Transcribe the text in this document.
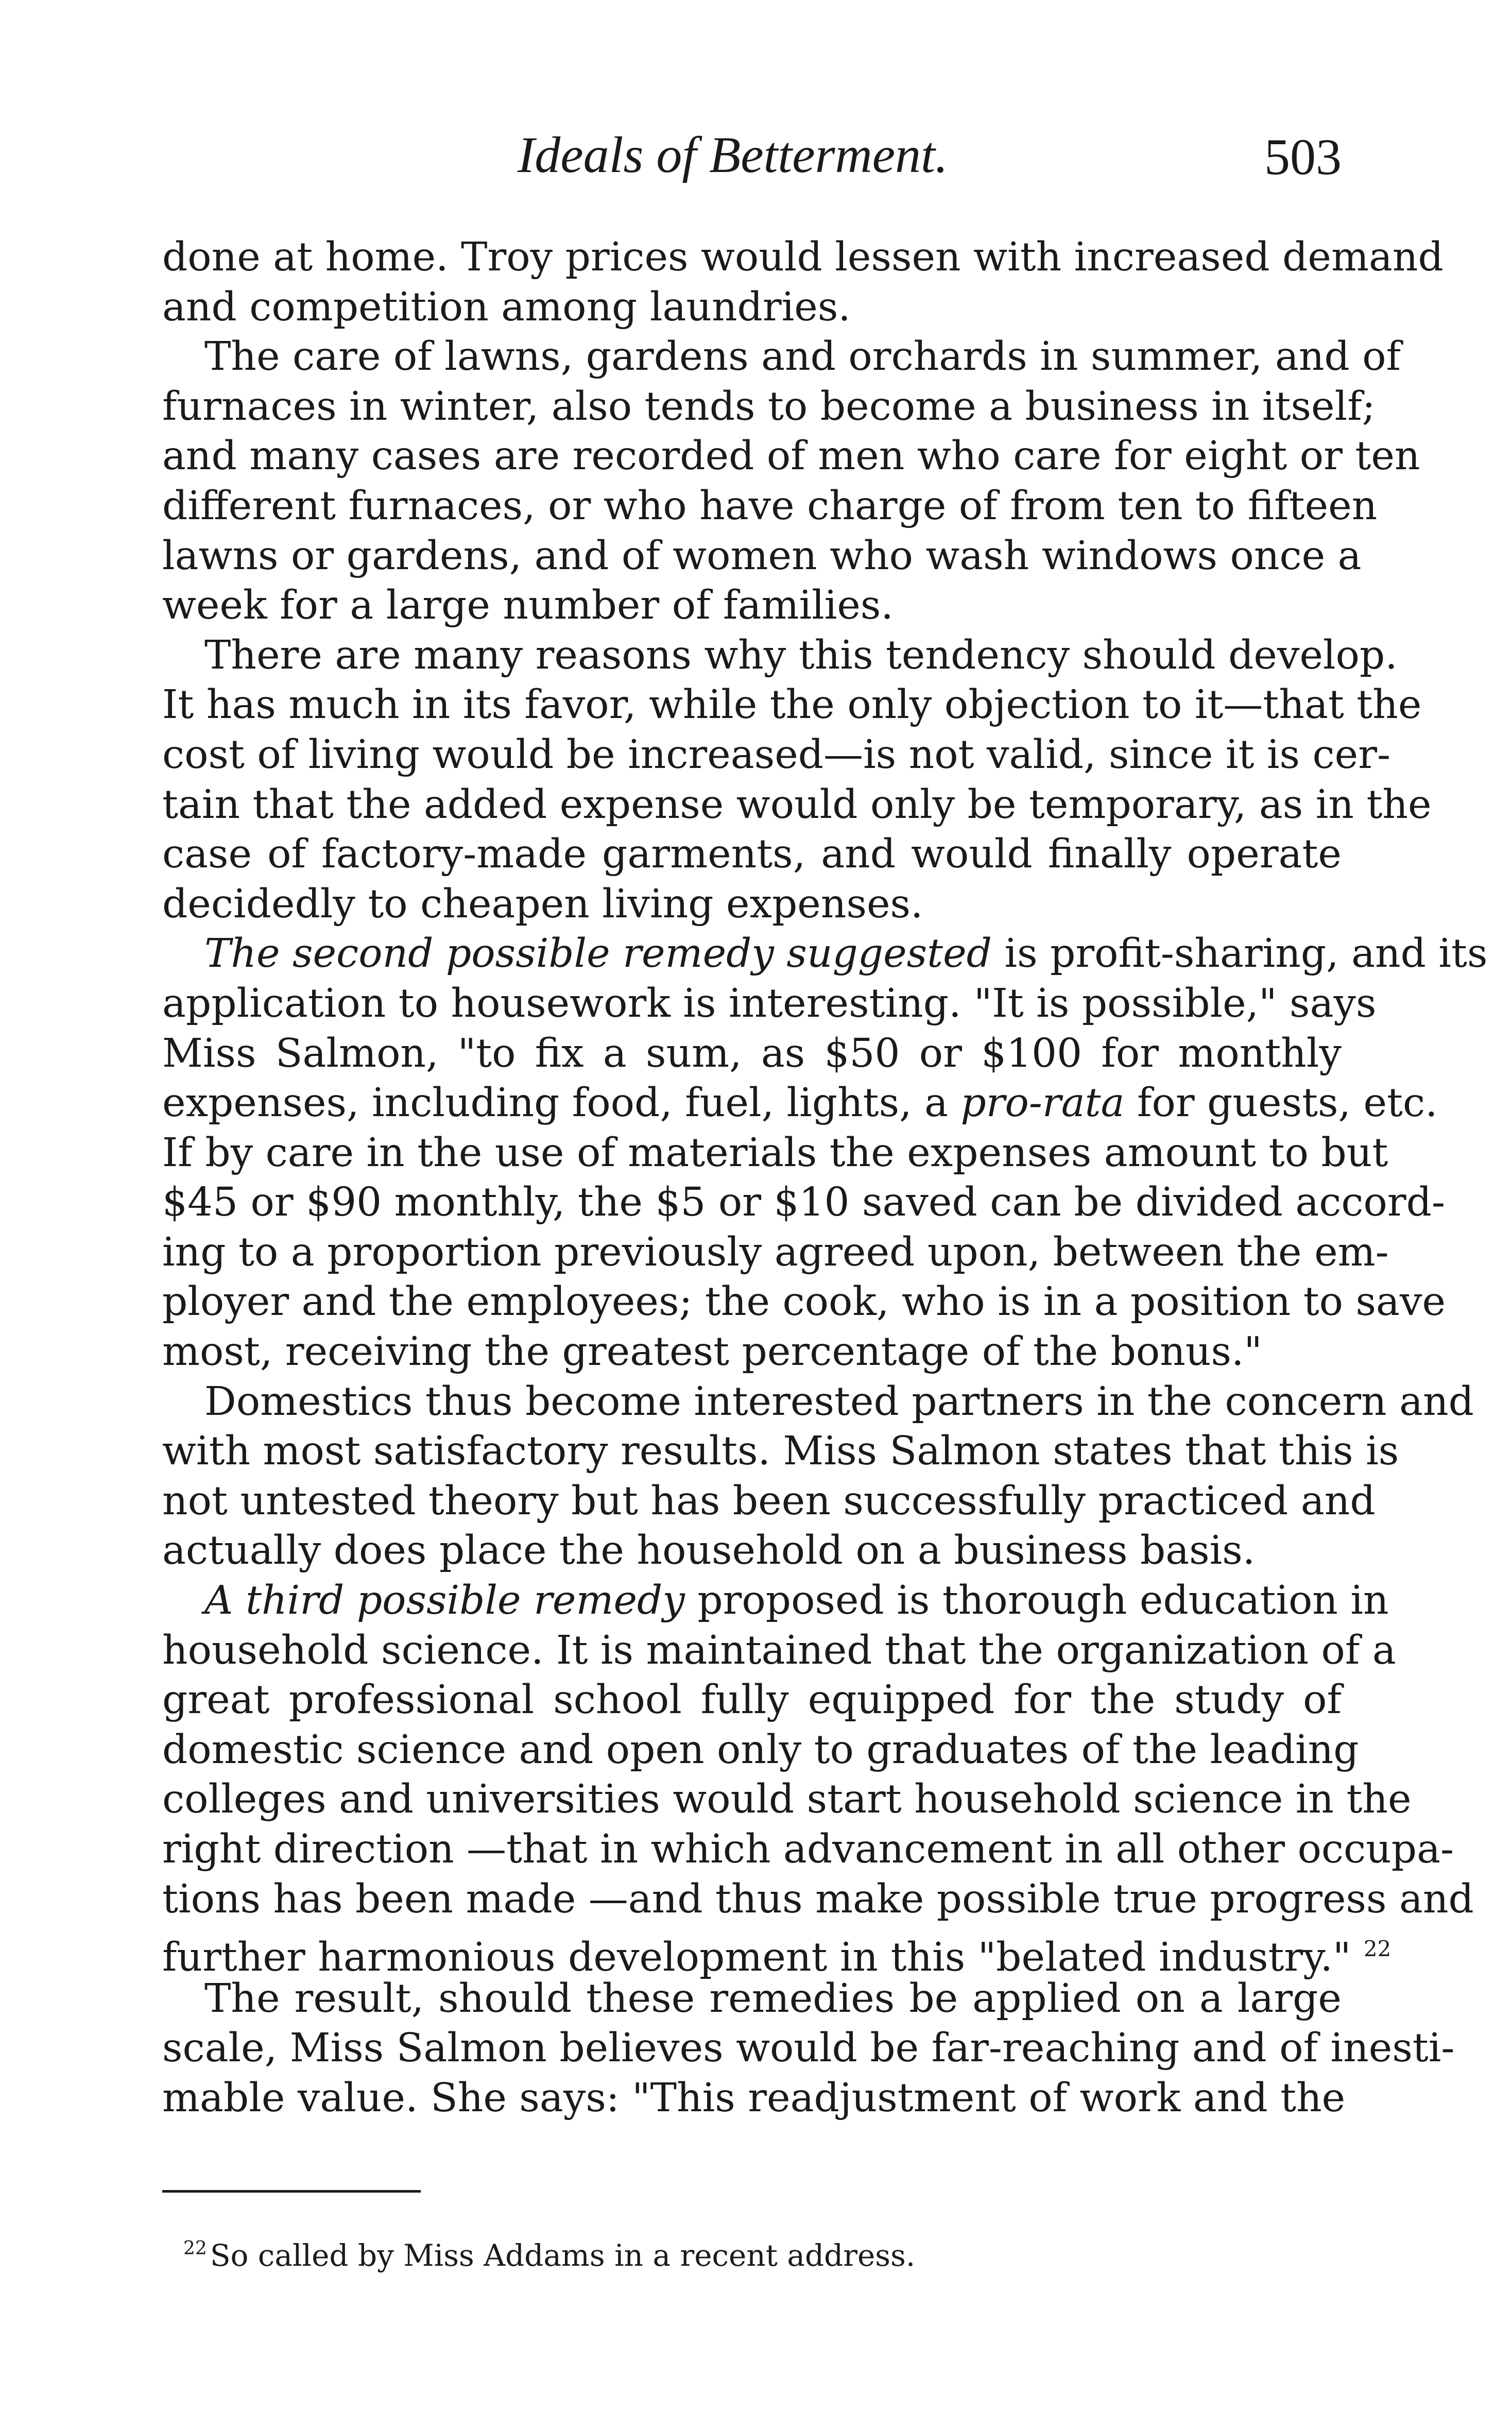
Ideals of Betterment.	503
done at home. Troy prices would lessen with increased demand
and competition among laundries.
The care of lawns, gardens and orchards in summer, and of
furnaces in winter, also tends to become a business in itself;
and many cases are recorded of men who care for eight or ten
different furnaces, or who have charge of from ten to fifteen
lawns or gardens, and of women who wash windows once a
week for a large number of families.
There are many reasons why this tendency should develop.
It has much in its favor, while the only objection to it—that the
cost of living would be increased—is not valid, since it is cer-
tain that the added expense would only be temporary, as in the
case of factory-made garments, and would finally operate
decidedly to cheapen living expenses.
The second possible remedy suggested is profit-sharing, and its
application to housework is interesting. "It is possible," says
Miss Salmon, "to fix a sum, as $50 or $100 for monthly
expenses, including food, fuel, lights, a pro-rata for guests, etc.
If by care in the use of materials the expenses amount to but
$45 or $90 monthly, the $5 or $10 saved can be divided accord-
ing to a proportion previously agreed upon, between the em-
ployer and the employees; the cook, who is in a position to save
most, receiving the greatest percentage of the bonus."
Domestics thus become interested partners in the concern and
with most satisfactory results. Miss Salmon states that this is
not untested theory but has been successfully practiced and
actually does place the household on a business basis.
A third possible remedy proposed is thorough education in
household science. It is maintained that the organization of a
great professional school fully equipped for the study of
domestic science and open only to graduates of the leading
colleges and universities would start household science in the
right direction —that in which advancement in all other occupa-
tions has been made —and thus make possible true progress and
further harmonious development in this "belated industry." $^{22}$
The result, should these remedies be applied on a large
scale, Miss Salmon believes would be far-reaching and of inesti-
mable value. She says: "This readjustment of work and the
$^{22}$ So called by Miss Addams in a recent address.
